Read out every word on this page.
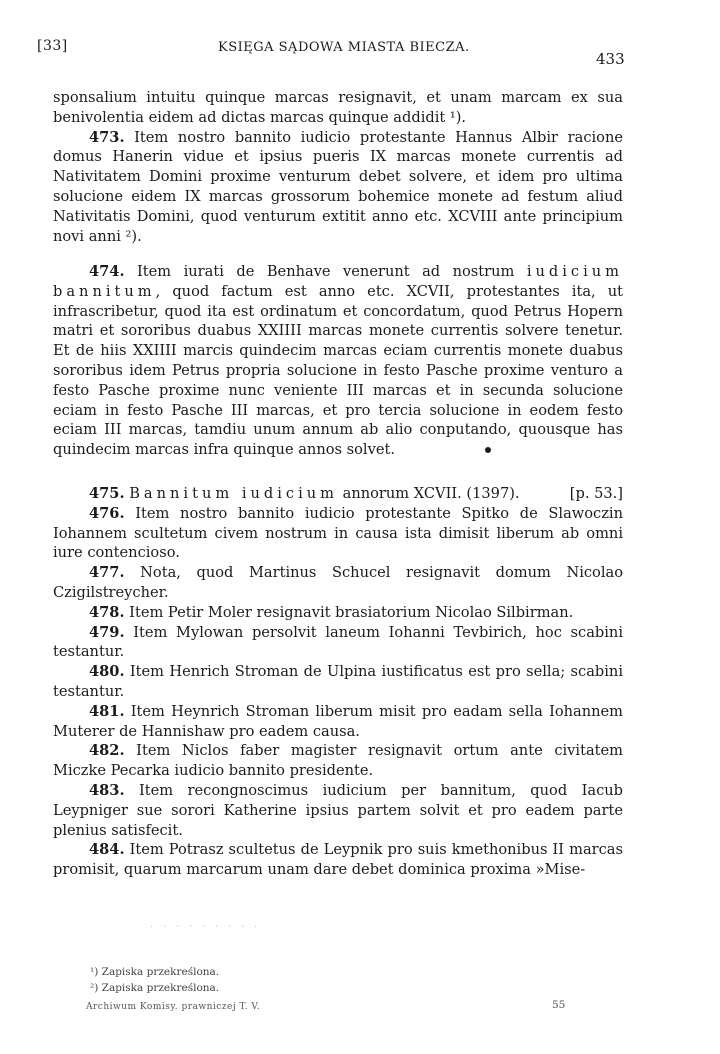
[33]	KSIĘGA SĄDOWA MIASTA BIECZA.
433

sponsalium intuitu quinque marcas resignavit, et unam marcam ex sua benivolentia eidem ad dictas marcas quinque addidit ¹).

473. Item nostro bannito iudicio protestante Hannus Albir racione domus Hanerin vidue et ipsius pueris IX marcas monete currentis ad Nativitatem Domini proxime venturum debet solvere, et idem pro ultima solucione eidem IX marcas grossorum bohemice monete ad festum aliud Nativitatis Domini, quod venturum extitit anno etc. XCVIII ante principium novi anni ²).

474. Item iurati de Benhave venerunt ad nostrum iudicium bannitum, quod factum est anno etc. XCVII, protestantes ita, ut infrascribetur, quod ita est ordinatum et concordatum, quod Petrus Hopern matri et sororibus duabus XXIIII marcas monete currentis solvere tenetur. Et de hiis XXIIII marcis quindecim marcas eciam currentis monete duabus sororibus idem Petrus propria solucione in festo Pasche proxime venturo a festo Pasche proxime nunc veniente III marcas et in secunda solucione eciam in festo Pasche III marcas, et pro tercia solucione in eodem festo eciam III marcas, tamdiu unum annum ab alio conputando, quousque has quindecim marcas infra quinque annos solvet.

475. Bannitum iudicium annorum XCVII. (1397).	[p. 53.]

476. Item nostro bannito iudicio protestante Spitko de Slawoczin Iohannem scultetum civem nostrum in causa ista dimisit liberum ab omni iure contencioso.

477. Nota, quod Martinus Schucel resignavit domum Nicolao Czigilstreycher.

478. Item Petir Moler resignavit brasiatorium Nicolao Silbirman.

479. Item Mylowan persolvit laneum Iohanni Tevbirich, hoc scabini testantur.

480. Item Henrich Stroman de Ulpina iustificatus est pro sella; scabini testantur.

481. Item Heynrich Stroman liberum misit pro eadam sella Iohannem Muterer de Hannishaw pro eadem causa.

482. Item Niclos faber magister resignavit ortum ante civitatem Miczke Pecarka iudicio bannito presidente.

483. Item recongnoscimus iudicium per bannitum, quod Iacub Leypniger sue sorori Katherine ipsius partem solvit et pro eadem parte plenius satisfecit.

484. Item Potrasz scultetus de Leypnik pro suis kmethonibus II marcas promisit, quarum marcarum unam dare debet dominica proxima »Mise-

· · · · · · · · ·
¹) Zapiska przekreślona.
²) Zapiska przekreślona.
Archiwum Komisy. prawniczej T. V.	55
